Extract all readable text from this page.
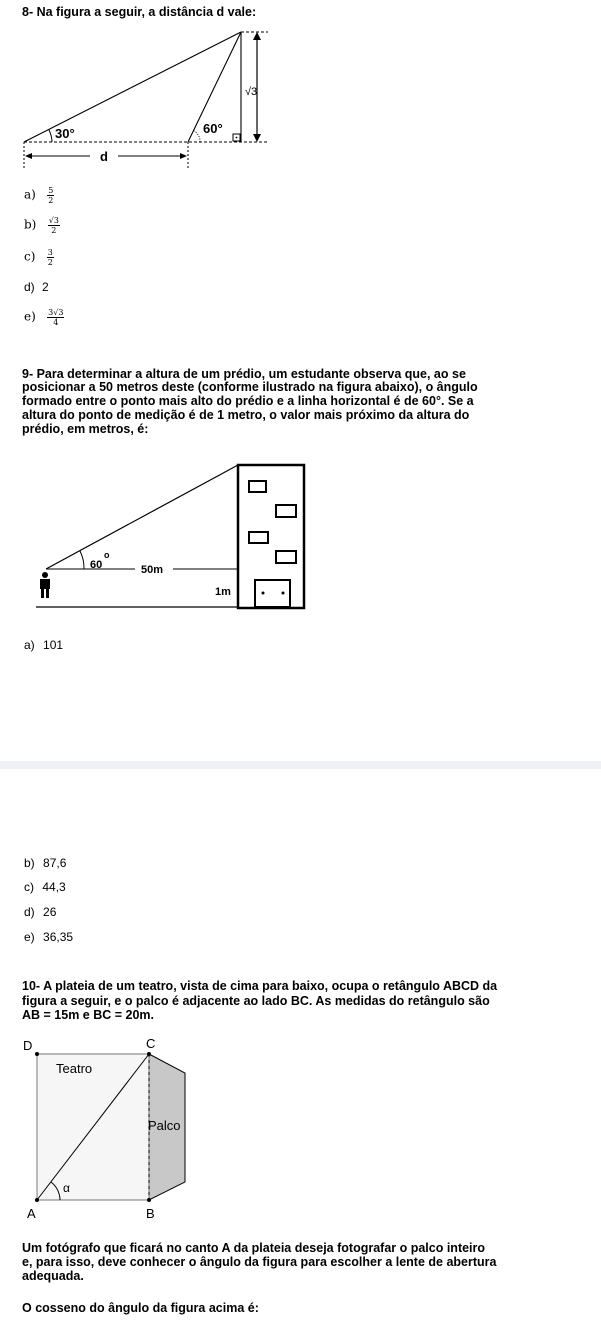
8- Na figura a seguir, a distância d vale:
30°	60°
√3
d
$a) \frac{5}{2}$
$b) \frac{√3}{2}$
$c) \frac{3}{2}$
d) 2
$e) \frac{3√3}{4}$
9- Para determinar a altura de um prédio, um estudante observa que, ao se
posicionar a 50 metros deste (conforme ilustrado na figura abaixo), o ângulo
formado entre o ponto mais alto do prédio e a linha horizontal é de 60°. Se a
altura do ponto de medição é de 1 metro, o valor mais próximo da altura do
prédio, em metros, é:
60
o
50m
1m
a) 101
b) 87,6
c) 44,3
d) 26
e) 36,35
10- A plateia de um teatro, vista de cima para baixo, ocupa o retângulo ABCD da
figura a seguir, e o palco é adjacente ao lado BC. As medidas do retângulo são
AB = 15m e BC = 20m.
D	C
A	B
Teatro
Palco
α
Um fotógrafo que ficará no canto A da plateia deseja fotografar o palco inteiro
e, para isso, deve conhecer o ângulo da figura para escolher a lente de abertura
adequada.
O cosseno do ângulo da figura acima é:
